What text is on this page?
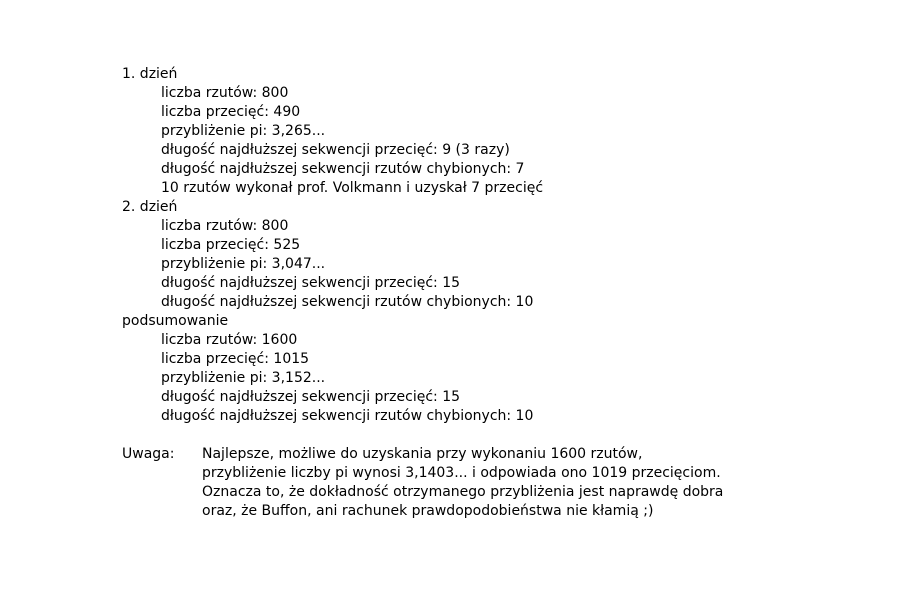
1. dzień
liczba rzutów: 800
liczba przecięć: 490
przybliżenie pi: 3,265...
długość najdłuższej sekwencji przecięć: 9 (3 razy)
długość najdłuższej sekwencji rzutów chybionych: 7
10 rzutów wykonał prof. Volkmann i uzyskał 7 przecięć
2. dzień
liczba rzutów: 800
liczba przecięć: 525
przybliżenie pi: 3,047...
długość najdłuższej sekwencji przecięć: 15
długość najdłuższej sekwencji rzutów chybionych: 10
podsumowanie
liczba rzutów: 1600
liczba przecięć: 1015
przybliżenie pi: 3,152...
długość najdłuższej sekwencji przecięć: 15
długość najdłuższej sekwencji rzutów chybionych: 10
Uwaga:	Najlepsze, możliwe do uzyskania przy wykonaniu 1600 rzutów,
przybliżenie liczby pi wynosi 3,1403... i odpowiada ono 1019 przecięciom.
Oznacza to, że dokładność otrzymanego przybliżenia jest naprawdę dobra
oraz, że Buffon, ani rachunek prawdopodobieństwa nie kłamią ;)
